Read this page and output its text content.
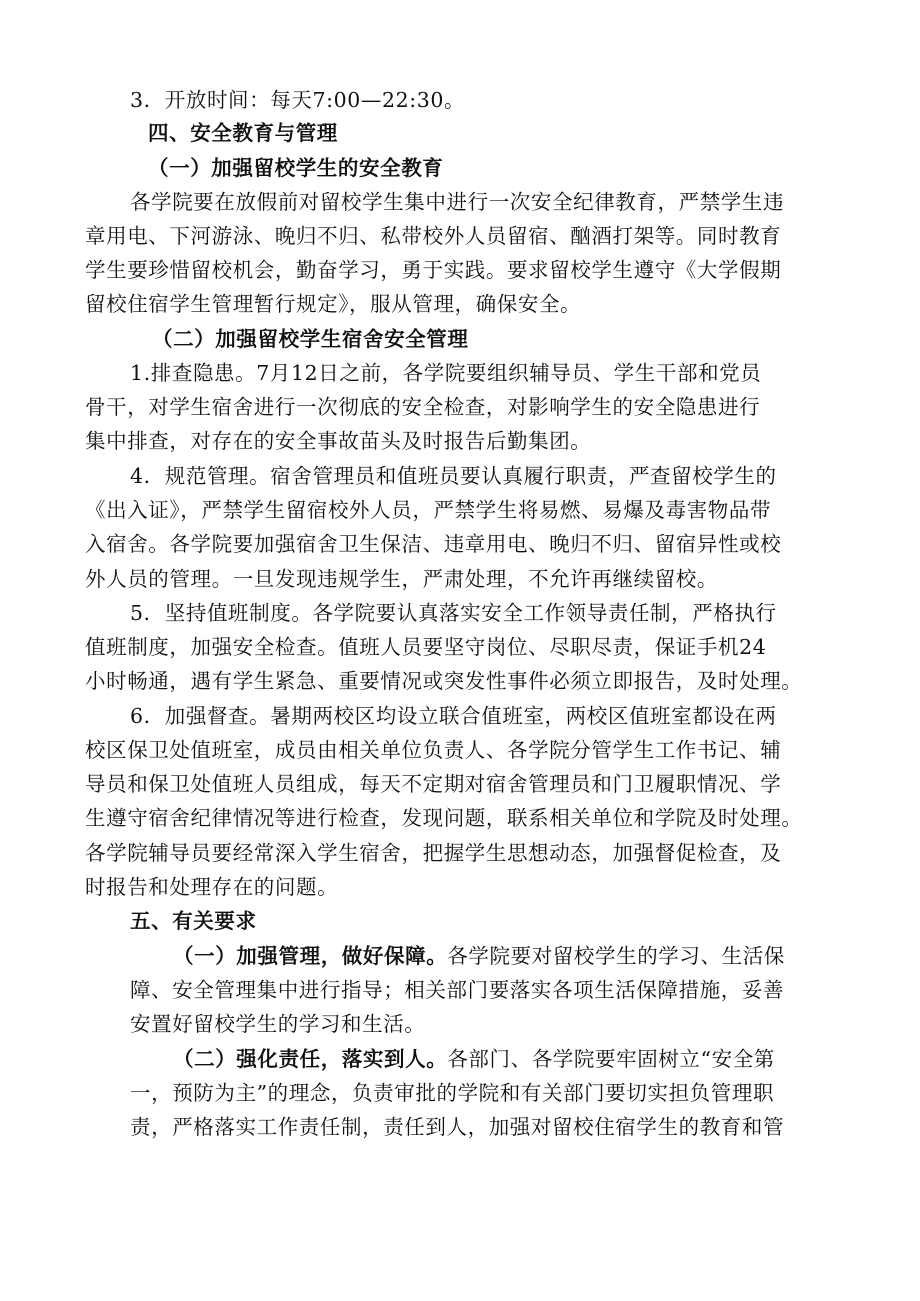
3．开放时间：每天7:00—22:30。
四、安全教育与管理
（一）加强留校学生的安全教育
各学院要在放假前对留校学生集中进行一次安全纪律教育，严禁学生违
章用电、下河游泳、晚归不归、私带校外人员留宿、酗酒打架等。同时教育
学生要珍惜留校机会，勤奋学习，勇于实践。要求留校学生遵守《大学假期
留校住宿学生管理暂行规定》，服从管理，确保安全。
（二）加强留校学生宿舍安全管理
1.排查隐患。7月12日之前，各学院要组织辅导员、学生干部和党员
骨干，对学生宿舍进行一次彻底的安全检查，对影响学生的安全隐患进行
集中排查，对存在的安全事故苗头及时报告后勤集团。
4．规范管理。宿舍管理员和值班员要认真履行职责，严查留校学生的
《出入证》，严禁学生留宿校外人员，严禁学生将易燃、易爆及毒害物品带
入宿舍。各学院要加强宿舍卫生保洁、违章用电、晚归不归、留宿异性或校
外人员的管理。一旦发现违规学生，严肃处理，不允许再继续留校。
5．坚持值班制度。各学院要认真落实安全工作领导责任制，严格执行
值班制度，加强安全检查。值班人员要坚守岗位、尽职尽责，保证手机24
小时畅通，遇有学生紧急、重要情况或突发性事件必须立即报告，及时处理。
6．加强督查。暑期两校区均设立联合值班室，两校区值班室都设在两
校区保卫处值班室，成员由相关单位负责人、各学院分管学生工作书记、辅
导员和保卫处值班人员组成，每天不定期对宿舍管理员和门卫履职情况、学
生遵守宿舍纪律情况等进行检查，发现问题，联系相关单位和学院及时处理。
各学院辅导员要经常深入学生宿舍，把握学生思想动态，加强督促检查，及
时报告和处理存在的问题。
五、有关要求
（一）加强管理，做好保障。各学院要对留校学生的学习、生活保
障、安全管理集中进行指导；相关部门要落实各项生活保障措施，妥善
安置好留校学生的学习和生活。
（二）强化责任，落实到人。各部门、各学院要牢固树立“安全第
一，预防为主”的理念，负责审批的学院和有关部门要切实担负管理职
责，严格落实工作责任制，责任到人，加强对留校住宿学生的教育和管
